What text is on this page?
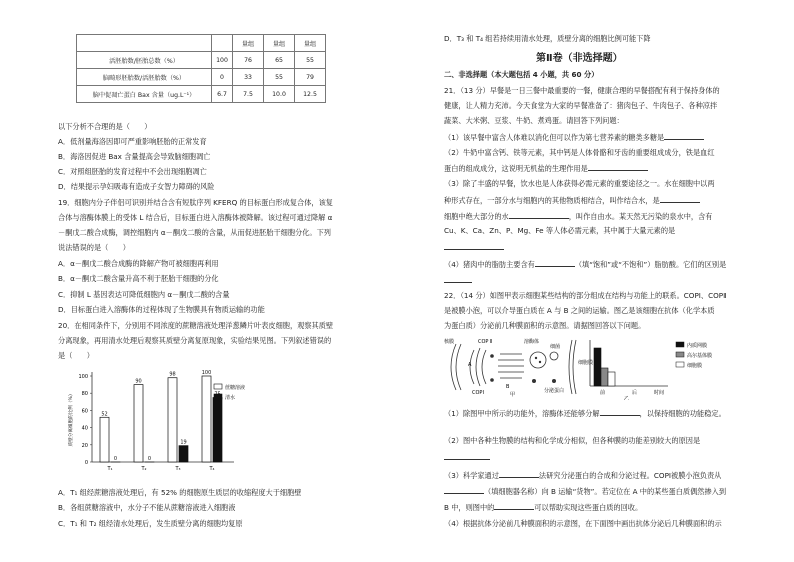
		量组	量组	量组
活胚胎数/胚胎总数（%）	100	76	65	55
脑畸形胚胎数/活胚胎数（%）	0	33	55	79
脑中促凋亡蛋白 Bax 含量（ug.L⁻¹）	6.7	7.5	10.0	12.5
以下分析不合理的是（　　）
A．低剂量海洛因即可严重影响胚胎的正常发育
B．海洛因促进 Bax 含量提高会导致脑细胞凋亡
C．对照组胚胎的发育过程中不会出现细胞凋亡
D．结果提示孕妇吸毒有造成子女智力障碍的风险
19．细胞内分子伴侣可识别并结合含有短肽序列 KFERQ 的目标蛋白形成复合体，该复
合体与溶酶体膜上的受体 L 结合后，目标蛋白进入溶酶体被降解。该过程可通过降解 α
－酮戊二酸合成酶，调控细胞内 α－酮戊二酸的含量，从而促进胚胎干细胞分化。下列
说法错误的是（　　）
A．α－酮戊二酸合成酶的降解产物可被细胞再利用
B．α－酮戊二酸含量升高不利于胚胎干细胞的分化
C．抑制 L 基因表达可降低细胞内 α－酮戊二酸的含量
D．目标蛋白进入溶酶体的过程体现了生物膜具有物质运输的功能
20．在相同条件下，分别用不同浓度的蔗糖溶液处理洋葱鳞片叶表皮细胞，观察其质壁
分离现象，再用清水处理后观察其质壁分离复原现象，实验结果见图。下列叙述错误的
是（　　）
0
20
40
60
80
100
质壁分离细胞的比例（%）	52
0
T₁
90
0
T₂
98
19
T₃
100
T₄
蔗糖溶液
清水
A．T₁ 组经蔗糖溶液处理后，有 52% 的细胞原生质层的收缩程度大于细胞壁
B．各组蔗糖溶液中，水分子不能从蔗糖溶液进入细胞液
C．T₁ 和 T₂ 组经清水处理后，发生质壁分离的细胞均复原
D．T₃ 和 T₄ 组若持续用清水处理，质壁分离的细胞比例可能下降
第Ⅱ卷（非选择题）
二、非选择题（本大题包括 4 小题，共 60 分）
21．（13 分）早餐是一日三餐中最重要的一餐，健康合理的早餐搭配有利于保持身体的
健康，让人精力充沛。今天食堂为大家的早餐准备了：猪肉包子、牛肉包子、各种凉拌
蔬菜、大米粥、豆浆、牛奶、煮鸡蛋。请回答下列问题：
（1）该早餐中富含人体难以消化但可以作为第七营养素的糖类多糖是
（2）牛奶中富含钙、铁等元素，其中钙是人体骨骼和牙齿的重要组成成分，铁是血红
蛋白的组成成分，这说明无机盐的生理作用是
（3）除了丰盛的早餐，饮水也是人体获得必需元素的重要途径之一。水在细胞中以两
种形式存在，一部分水与细胞内的其他物质相结合，叫作结合水，是
细胞中绝大部分的水	，叫作自由水。某天然无污染的泉水中，含有
Cu、K、Ca、Zn、P、Mg、Fe 等人体必需元素，其中属于大量元素的是
（4）猪肉中的脂肪主要含有	（填“饱和”或“不饱和”）脂肪酸。它们的区别是
22．（14 分）如图甲表示细胞某些结构的部分组成在结构与功能上的联系。COPⅠ、COPⅡ
是被膜小泡，可以介导蛋白质在 A 与 B 之间的运输。图乙是该细胞在抗体（化学本质
为蛋白质）分泌前几种膜面积的示意图。请据图回答以下问题。
核膜	COP Ⅱ	溶酶体
细菌
细胞膜
COPⅠ
A
B
甲
分泌蛋白	前	后	时间
乙
内质网膜
高尔基体膜
细胞膜
（1）除图甲中所示的功能外，溶酶体还能够分解	，以保持细胞的功能稳定。
（2）图中各种生物膜的结构和化学成分相似，但各种膜的功能差别较大的原因是
（3）科学家通过	法研究分泌蛋白的合成和分泌过程。COPⅠ被膜小泡负责从
（填细胞器名称）向 B 运输“货物”。若定位在 A 中的某些蛋白质偶然掺入到
B 中，则图中的	可以帮助实现这些蛋白质的回收。
（4）根据抗体分泌前几种膜面积的示意图，在下面图中画出抗体分泌后几种膜面积的示
